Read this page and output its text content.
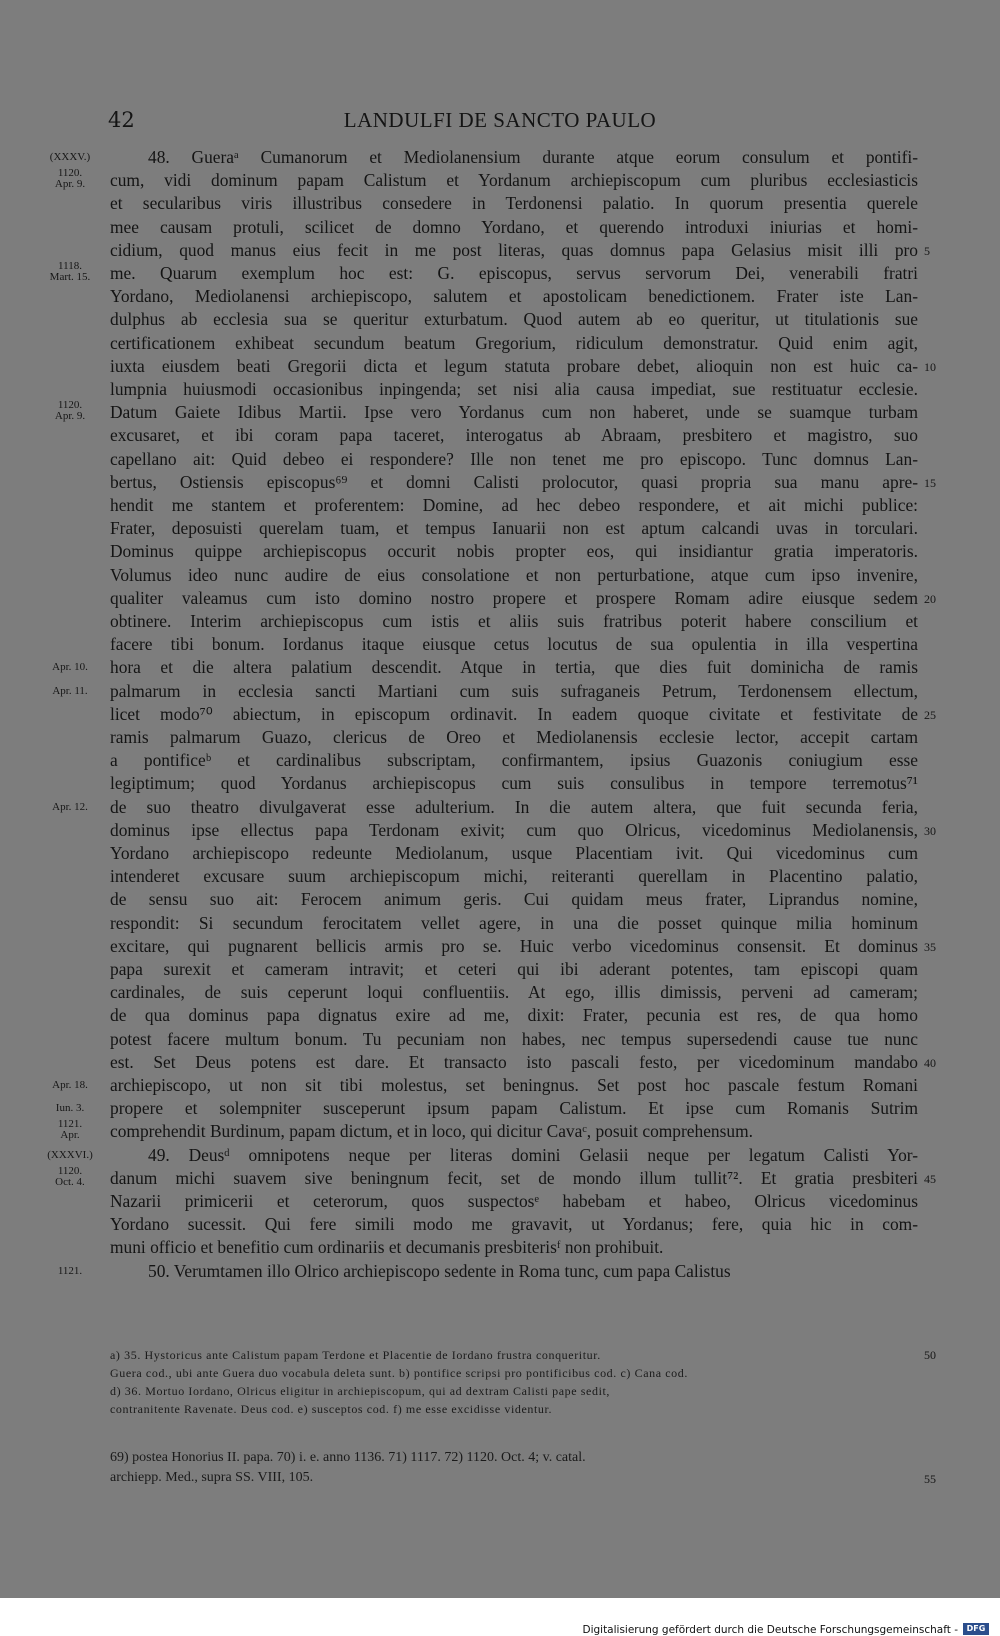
42	LANDULFI DE SANCTO PAULO
48. Gueraᵃ Cumanorum et Mediolanensium durante atque eorum consulum et pontifi-
cum, vidi dominum papam Calistum et Yordanum archiepiscopum cum pluribus ecclesiasticis
et secularibus viris illustribus consedere in Terdonensi palatio. In quorum presentia querele
mee causam protuli, scilicet de domno Yordano, et querendo introduxi iniurias et homi-
cidium, quod manus eius fecit in me post literas, quas domnus papa Gelasius misit illi pro
me. Quarum exemplum hoc est: G. episcopus, servus servorum Dei, venerabili fratri
Yordano, Mediolanensi archiepiscopo, salutem et apostolicam benedictionem. Frater iste Lan-
dulphus ab ecclesia sua se queritur exturbatum. Quod autem ab eo queritur, ut titulationis sue
certificationem exhibeat secundum beatum Gregorium, ridiculum demonstratur. Quid enim agit,
iuxta eiusdem beati Gregorii dicta et legum statuta probare debet, alioquin non est huic ca-
lumpnia huiusmodi occasionibus inpingenda; set nisi alia causa impediat, sue restituatur ecclesie.
Datum Gaiete Idibus Martii. Ipse vero Yordanus cum non haberet, unde se suamque turbam
excusaret, et ibi coram papa taceret, interogatus ab Abraam, presbitero et magistro, suo
capellano ait: Quid debeo ei respondere? Ille non tenet me pro episcopo. Tunc domnus Lan-
bertus, Ostiensis episcopus⁶⁹ et domni Calisti prolocutor, quasi propria sua manu apre-
hendit me stantem et proferentem: Domine, ad hec debeo respondere, et ait michi publice:
Frater, deposuisti querelam tuam, et tempus Ianuarii non est aptum calcandi uvas in torculari.
Dominus quippe archiepiscopus occurit nobis propter eos, qui insidiantur gratia imperatoris.
Volumus ideo nunc audire de eius consolatione et non perturbatione, atque cum ipso invenire,
qualiter valeamus cum isto domino nostro propere et prospere Romam adire eiusque sedem
obtinere. Interim archiepiscopus cum istis et aliis suis fratribus poterit habere conscilium et
facere tibi bonum. Iordanus itaque eiusque cetus locutus de sua opulentia in illa vespertina
hora et die altera palatium descendit. Atque in tertia, que dies fuit dominicha de ramis
palmarum in ecclesia sancti Martiani cum suis sufraganeis Petrum, Terdonensem ellectum,
licet modo⁷⁰ abiectum, in episcopum ordinavit. In eadem quoque civitate et festivitate de
ramis palmarum Guazo, clericus de Oreo et Mediolanensis ecclesie lector, accepit cartam
a pontificeᵇ et cardinalibus subscriptam, confirmantem, ipsius Guazonis coniugium esse
legiptimum; quod Yordanus archiepiscopus cum suis consulibus in tempore terremotus⁷¹
de suo theatro divulgaverat esse adulterium. In die autem altera, que fuit secunda feria,
dominus ipse ellectus papa Terdonam exivit; cum quo Olricus, vicedominus Mediolanensis,
Yordano archiepiscopo redeunte Mediolanum, usque Placentiam ivit. Qui vicedominus cum
intenderet excusare suum archiepiscopum michi, reiteranti querellam in Placentino palatio,
de sensu suo ait: Ferocem animum geris. Cui quidam meus frater, Liprandus nomine,
respondit: Si secundum ferocitatem vellet agere, in una die posset quinque milia hominum
excitare, qui pugnarent bellicis armis pro se. Huic verbo vicedominus consensit. Et dominus
papa surexit et cameram intravit; et ceteri qui ibi aderant potentes, tam episcopi quam
cardinales, de suis ceperunt loqui confluentiis. At ego, illis dimissis, perveni ad cameram;
de qua dominus papa dignatus exire ad me, dixit: Frater, pecunia est res, de qua homo
potest facere multum bonum. Tu pecuniam non habes, nec tempus supersedendi cause tue nunc
est. Set Deus potens est dare. Et transacto isto pascali festo, per vicedominum mandabo
archiepiscopo, ut non sit tibi molestus, set beningnus. Set post hoc pascale festum Romani
propere et solempniter susceperunt ipsum papam Calistum. Et ipse cum Romanis Sutrim
comprehendit Burdinum, papam dictum, et in loco, qui dicitur Cavaᶜ, posuit comprehensum.
49. Deusᵈ omnipotens neque per literas domini Gelasii neque per legatum Calisti Yor-
danum michi suavem sive beningnum fecit, set de mondo illum tullit⁷². Et gratia presbiteri
Nazarii primicerii et ceterorum, quos suspectosᵉ habebam et habeo, Olricus vicedominus
Yordano sucessit. Qui fere simili modo me gravavit, ut Yordanus; fere, quia hic in com-
muni officio et benefitio cum ordinariis et decumanis presbiterisᶠ non prohibuit.
50. Verumtamen illo Olrico archiepiscopo sedente in Roma tunc, cum papa Calistus
(XXXV.)
1120.
Apr. 9.
1118.
Mart. 15.
1120.
Apr. 9.
Apr. 10.
Apr. 11.
Apr. 12.
Apr. 18.
Iun. 3.
1121.
Apr.
(XXXVI.)
1120.
Oct. 4.
1121.
5
10
15
20
25
30
35
40
45
a) 35. Hystoricus ante Calistum papam Terdone et Placentie de Iordano frustra conqueritur.
Guera cod., ubi ante Guera duo vocabula deleta sunt. b) pontifice scripsi pro pontificibus cod. c) Cana cod.
d) 36. Mortuo Iordano, Olricus eligitur in archiepiscopum, qui ad dextram Calisti pape sedit,
contranitente Ravenate. Deus cod. e) susceptos cod. f) me esse excidisse videntur.
50
69) postea Honorius II. papa. 70) i. e. anno 1136. 71) 1117. 72) 1120. Oct. 4; v. catal.
archiepp. Med., supra SS. VIII, 105.	55
Digitalisierung gefördert durch die Deutsche Forschungsgemeinschaft -	DFG
